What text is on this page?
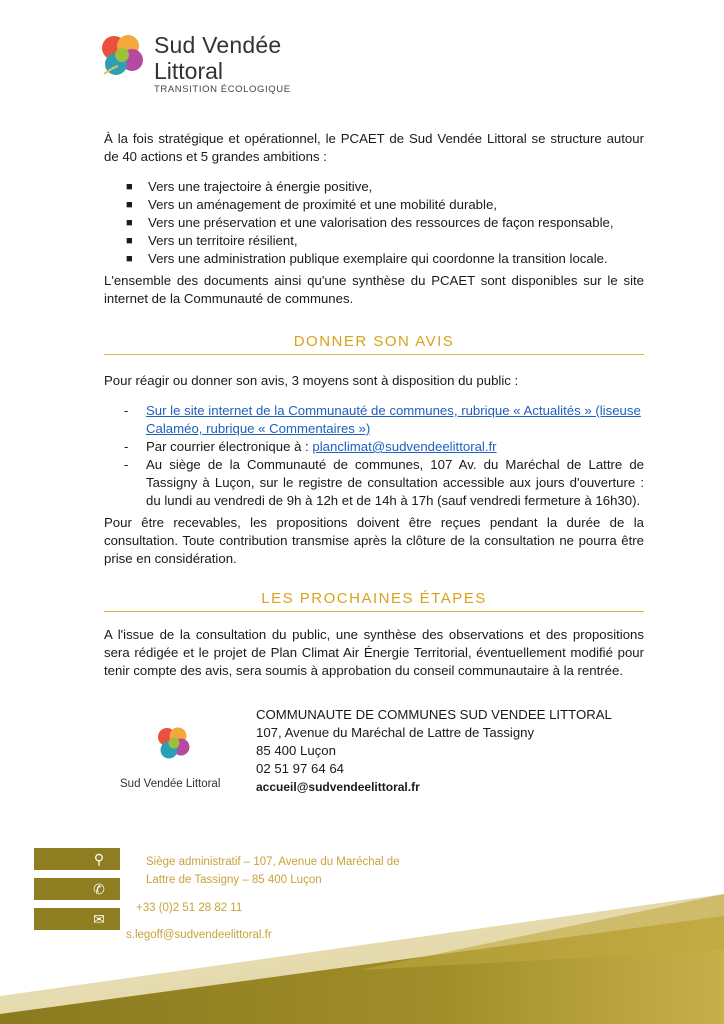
Sud Vendée
Littoral
TRANSITION ÉCOLOGIQUE
À la fois stratégique et opérationnel, le PCAET de Sud Vendée Littoral se structure autour de 40 actions et 5 grandes ambitions :
■ Vers une trajectoire à énergie positive,
■ Vers un aménagement de proximité et une mobilité durable,
■ Vers une préservation et une valorisation des ressources de façon responsable,
■ Vers un territoire résilient,
■ Vers une administration publique exemplaire qui coordonne la transition locale.
L'ensemble des documents ainsi qu'une synthèse du PCAET sont disponibles sur le site internet de la Communauté de communes.
DONNER SON AVIS
Pour réagir ou donner son avis, 3 moyens sont à disposition du public :
- Sur le site internet de la Communauté de communes, rubrique « Actualités » (liseuse Calaméo, rubrique « Commentaires »)
- Par courrier électronique à : planclimat@sudvendeelittoral.fr
- Au siège de la Communauté de communes, 107 Av. du Maréchal de Lattre de Tassigny à Luçon, sur le registre de consultation accessible aux jours d'ouverture : du lundi au vendredi de 9h à 12h et de 14h à 17h (sauf vendredi fermeture à 16h30).
Pour être recevables, les propositions doivent être reçues pendant la durée de la consultation. Toute contribution transmise après la clôture de la consultation ne pourra être prise en considération.
LES PROCHAINES ÉTAPES
A l'issue de la consultation du public, une synthèse des observations et des propositions sera rédigée et le projet de Plan Climat Air Énergie Territorial, éventuellement modifié pour tenir compte des avis, sera soumis à approbation du conseil communautaire à la rentrée.
Sud Vendée Littoral
COMMUNAUTE DE COMMUNES SUD VENDEE LITTORAL
107, Avenue du Maréchal de Lattre de Tassigny
85 400 Luçon
02 51 97 64 64
accueil@sudvendeelittoral.fr
⚲
✆
✉
Siège administratif – 107, Avenue du Maréchal de
Lattre de Tassigny – 85 400 Luçon
+33 (0)2 51 28 82 11
s.legoff@sudvendeelittoral.fr
